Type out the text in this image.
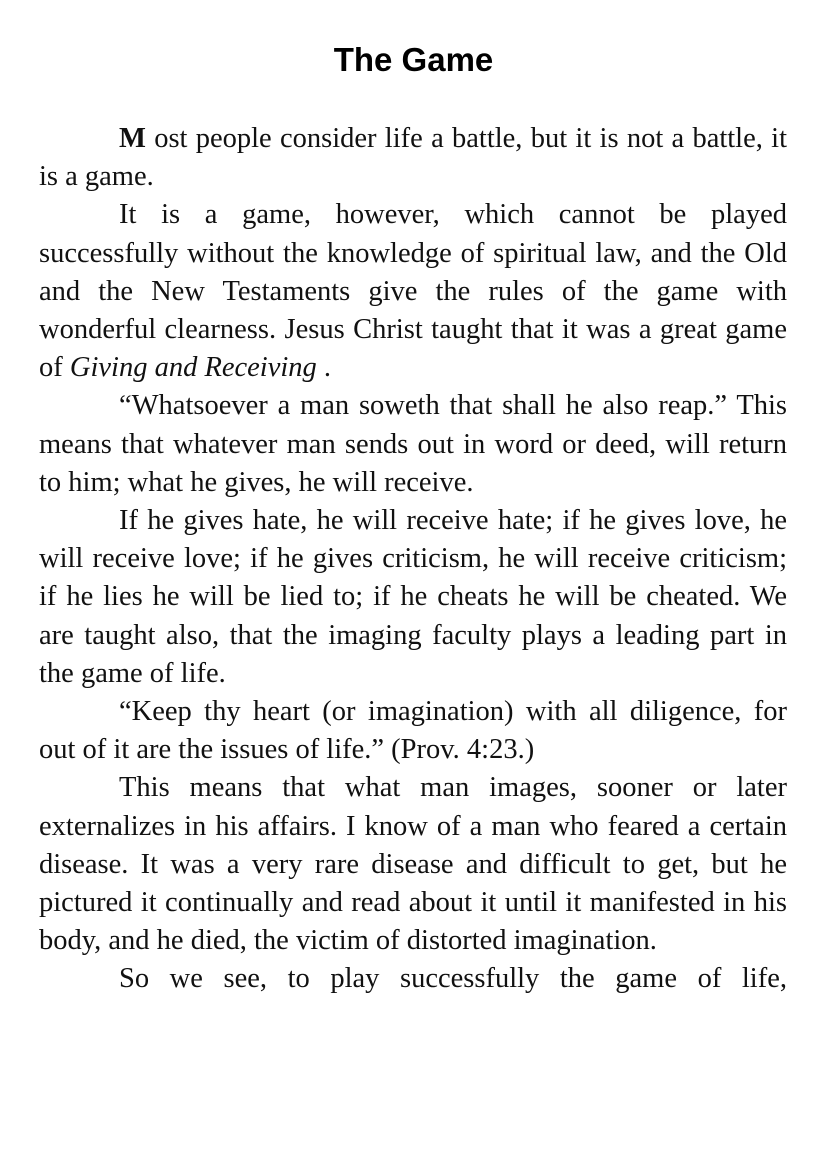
The Game

M ost people consider life a battle, but it is not a battle, it is a game.

It is a game, however, which cannot be played successfully without the knowledge of spiritual law, and the Old and the New Testaments give the rules of the game with wonderful clearness. Jesus Christ taught that it was a great game of Giving and Receiving .

“Whatsoever a man soweth that shall he also reap.” This means that whatever man sends out in word or deed, will return to him; what he gives, he will receive.

If he gives hate, he will receive hate; if he gives love, he will receive love; if he gives criticism, he will receive criticism; if he lies he will be lied to; if he cheats he will be cheated. We are taught also, that the imaging faculty plays a leading part in the game of life.

“Keep thy heart (or imagination) with all diligence, for out of it are the issues of life.” (Prov. 4:23.)

This means that what man images, sooner or later externalizes in his affairs. I know of a man who feared a certain disease. It was a very rare disease and difficult to get, but he pictured it continually and read about it until it manifested in his body, and he died, the victim of distorted imagination.

So we see, to play successfully the game of life,
